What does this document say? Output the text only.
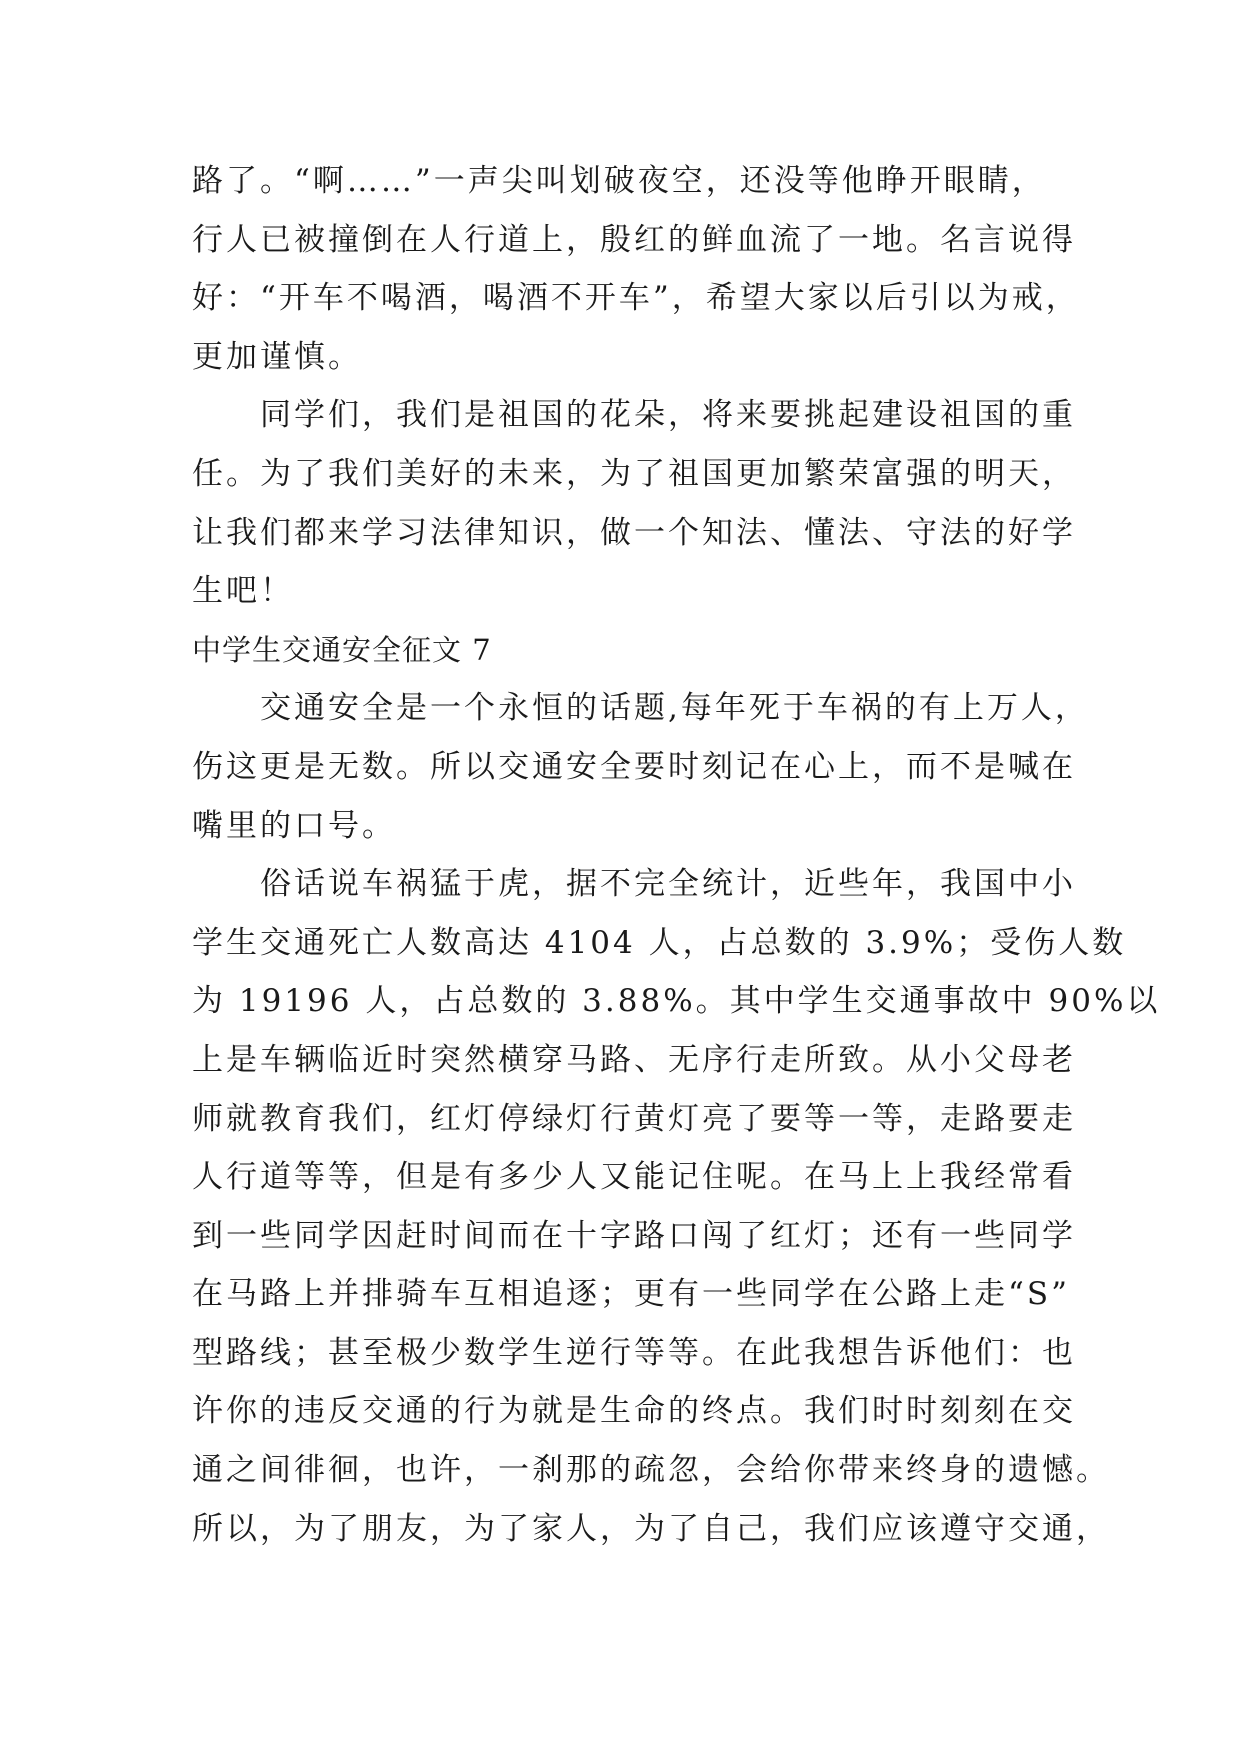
路了。“啊……”一声尖叫划破夜空，还没等他睁开眼睛，
行人已被撞倒在人行道上，殷红的鲜血流了一地。名言说得
好：“开车不喝酒，喝酒不开车”，希望大家以后引以为戒，
更加谨慎。
同学们，我们是祖国的花朵，将来要挑起建设祖国的重
任。为了我们美好的未来，为了祖国更加繁荣富强的明天，
让我们都来学习法律知识，做一个知法、懂法、守法的好学
生吧！
中学生交通安全征文 7
交通安全是一个永恒的话题,每年死于车祸的有上万人，
伤这更是无数。所以交通安全要时刻记在心上，而不是喊在
嘴里的口号。
俗话说车祸猛于虎，据不完全统计，近些年，我国中小
学生交通死亡人数高达 4104 人，占总数的 3.9%；受伤人数
为 19196 人，占总数的 3.88%。其中学生交通事故中 90%以
上是车辆临近时突然横穿马路、无序行走所致。从小父母老
师就教育我们，红灯停绿灯行黄灯亮了要等一等，走路要走
人行道等等，但是有多少人又能记住呢。在马上上我经常看
到一些同学因赶时间而在十字路口闯了红灯；还有一些同学
在马路上并排骑车互相追逐；更有一些同学在公路上走“S”
型路线；甚至极少数学生逆行等等。在此我想告诉他们：也
许你的违反交通的行为就是生命的终点。我们时时刻刻在交
通之间徘徊，也许，一刹那的疏忽，会给你带来终身的遗憾。
所以，为了朋友，为了家人，为了自己，我们应该遵守交通，
